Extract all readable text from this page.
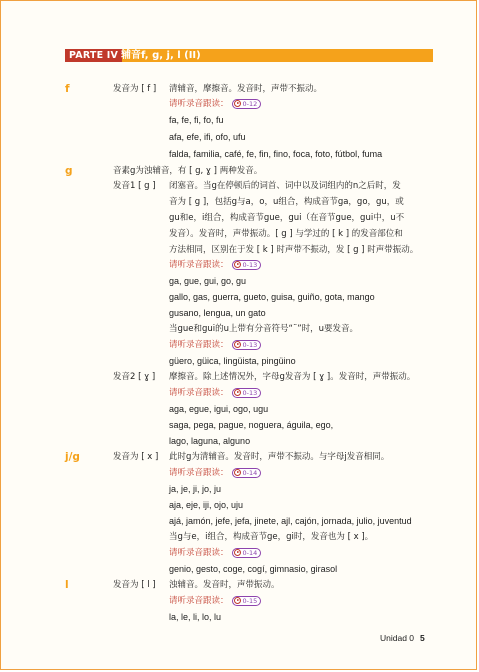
PARTE IV 辅音f, g, j, l (II)
f	发音为 [ f ] 清辅音，摩擦音。发音时，声带不振动。
请听录音跟读： 0-12
fa, fe, fi, fo, fu
afa, efe, ifi, ofo, ufu
falda, familia, café, fe, fin, fino, foca, foto, fútbol, fuma
g	音素g为浊辅音，有 [ g, ɣ ] 两种发音。
发音1 [ g ] 闭塞音。当g在停顿后的词首、词中以及词组内的n之后时，发
音为 [ g ]，包括g与a，o，u组合，构成音节ga，go，gu，或
gu和e，i组合，构成音节gue，gui（在音节gue，gui中，u不
发音）。发音时，声带振动。[ g ] 与学过的 [ k ] 的发音部位和
方法相同，区别在于发 [ k ] 时声带不振动，发 [ g ] 时声带振动。
请听录音跟读： 0-13
ga, gue, gui, go, gu
gallo, gas, guerra, gueto, guisa, guiño, gota, mango
gusano, lengua, un gato
当gue和gui的u上带有分音符号“¨”时，u要发音。
请听录音跟读： 0-13
güero, güica, lingüista, pingüino
发音2 [ ɣ ] 摩擦音。除上述情况外，字母g发音为 [ ɣ ]。发音时，声带振动。
请听录音跟读： 0-13
aga, egue, igui, ogo, ugu
saga, pega, pague, noguera, águila, ego,
lago, laguna, alguno
j/g	发音为 [ x ] 此时g为清辅音。发音时，声带不振动。与字母j发音相同。
请听录音跟读： 0-14
ja, je, ji, jo, ju
aja, eje, iji, ojo, uju
ajá, jamón, jefe, jefa, jinete, ajl, cajón, jornada, julio, juventud
当g与e，i组合，构成音节ge，gi时，发音也为 [ x ]。
请听录音跟读： 0-14
genio, gesto, coge, cogí, gimnasio, girasol
l	发音为 [ l ] 浊辅音。发音时，声带振动。
请听录音跟读： 0-15
la, le, li, lo, lu
Unidad 0 5
